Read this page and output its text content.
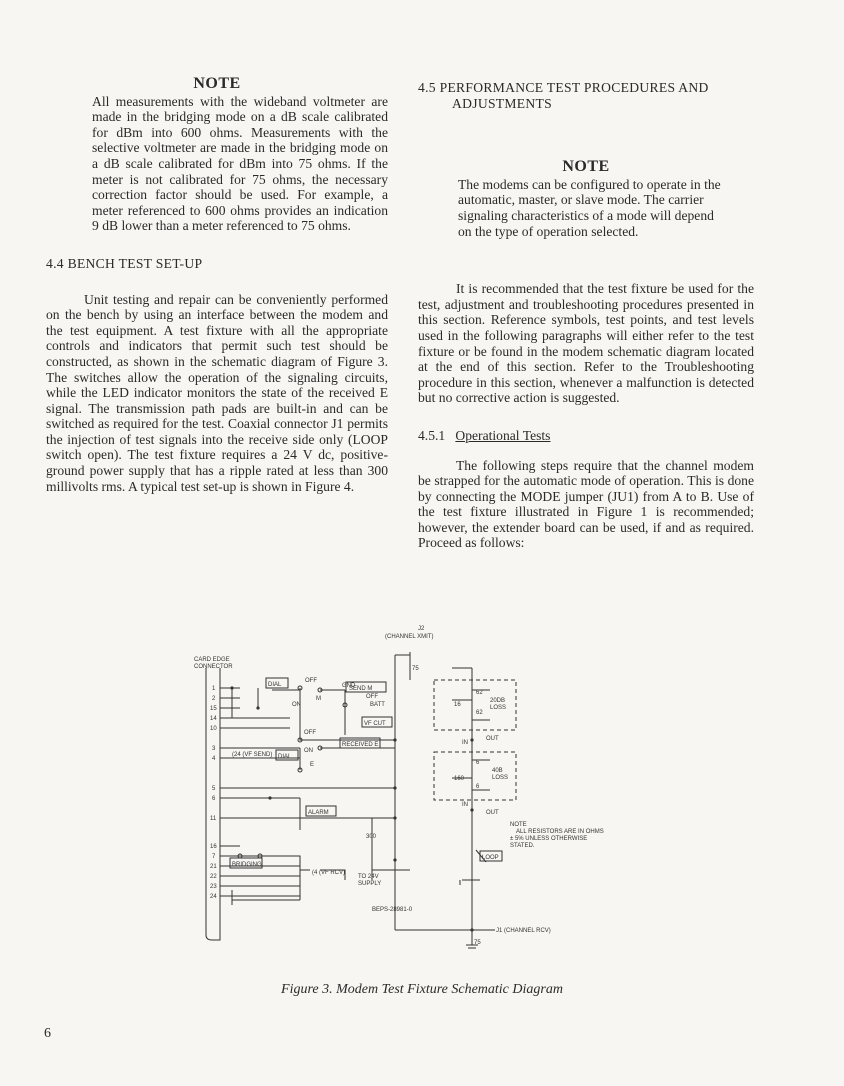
NOTE

All measurements with the wideband voltmeter are made in the bridging mode on a dB scale calibrated for dBm into 600 ohms. Measurements with the selective voltmeter are made in the bridging mode on a dB scale calibrated for dBm into 75 ohms. If the meter is not calibrated for 75 ohms, the necessary correction factor should be used. For example, a meter referenced to 600 ohms provides an indication 9 dB lower than a meter referenced to 75 ohms.

4.4 BENCH TEST SET-UP

Unit testing and repair can be conveniently performed on the bench by using an interface between the modem and the test equipment. A test fixture with all the appropriate controls and indicators that permit such test should be constructed, as shown in the schematic diagram of Figure 3. The switches allow the operation of the signaling circuits, while the LED indicator monitors the state of the received E signal. The transmission path pads are built-in and can be switched as required for the test. Coaxial connector J1 permits the injection of test signals into the receive side only (LOOP switch open). The test fixture requires a 24 V dc, positive-ground power supply that has a ripple rated at less than 300 millivolts rms. A typical test set-up is shown in Figure 4.

4.5 PERFORMANCE TEST PROCEDURES AND

ADJUSTMENTS

NOTE

The modems can be configured to operate in the automatic, master, or slave mode. The carrier signaling characteristics of a mode will depend on the type of operation selected.

It is recommended that the test fixture be used for the test, adjustment and troubleshooting procedures presented in this section. Reference symbols, test points, and test levels used in the following paragraphs will either refer to the test fixture or be found in the modem schematic diagram located at the end of this section. Refer to the Troubleshooting procedure in this section, whenever a malfunction is detected but no corrective action is suggested.

4.5.1 Operational Tests

The following steps require that the channel modem be strapped for the automatic mode of operation. This is done by connecting the MODE jumper (JU1) from A to B. Use of the test fixture illustrated in Figure 1 is recommended; however, the extender board can be used, if and as required. Proceed as follows:

J2
(CHANNEL XMIT)
CARD EDGE
CONNECTOR
1
2
15
14
10
3
4
5
6
11
16
7
21
22
23
24
DIAL
OFF
ON
M
GND
SEND M
OFF
BATT
VF CUT
OFF
RECEIVED E
(24 (VF SEND) DIAL
ON
E
ALARM
300
BRIDGING
(4 (VF RCV)
TO 24V
SUPPLY
75
62
16
62
20DB
LOSS
IN
OUT
6
160
6
40B
LOSS
IN
OUT
NOTE
ALL RESISTORS ARE IN OHMS
± 5% UNLESS OTHERWISE
STATED.
LOOP
J1 (CHANNEL RCV)
75
BEPS-28981-0
Figure 3. Modem Test Fixture Schematic Diagram
6
